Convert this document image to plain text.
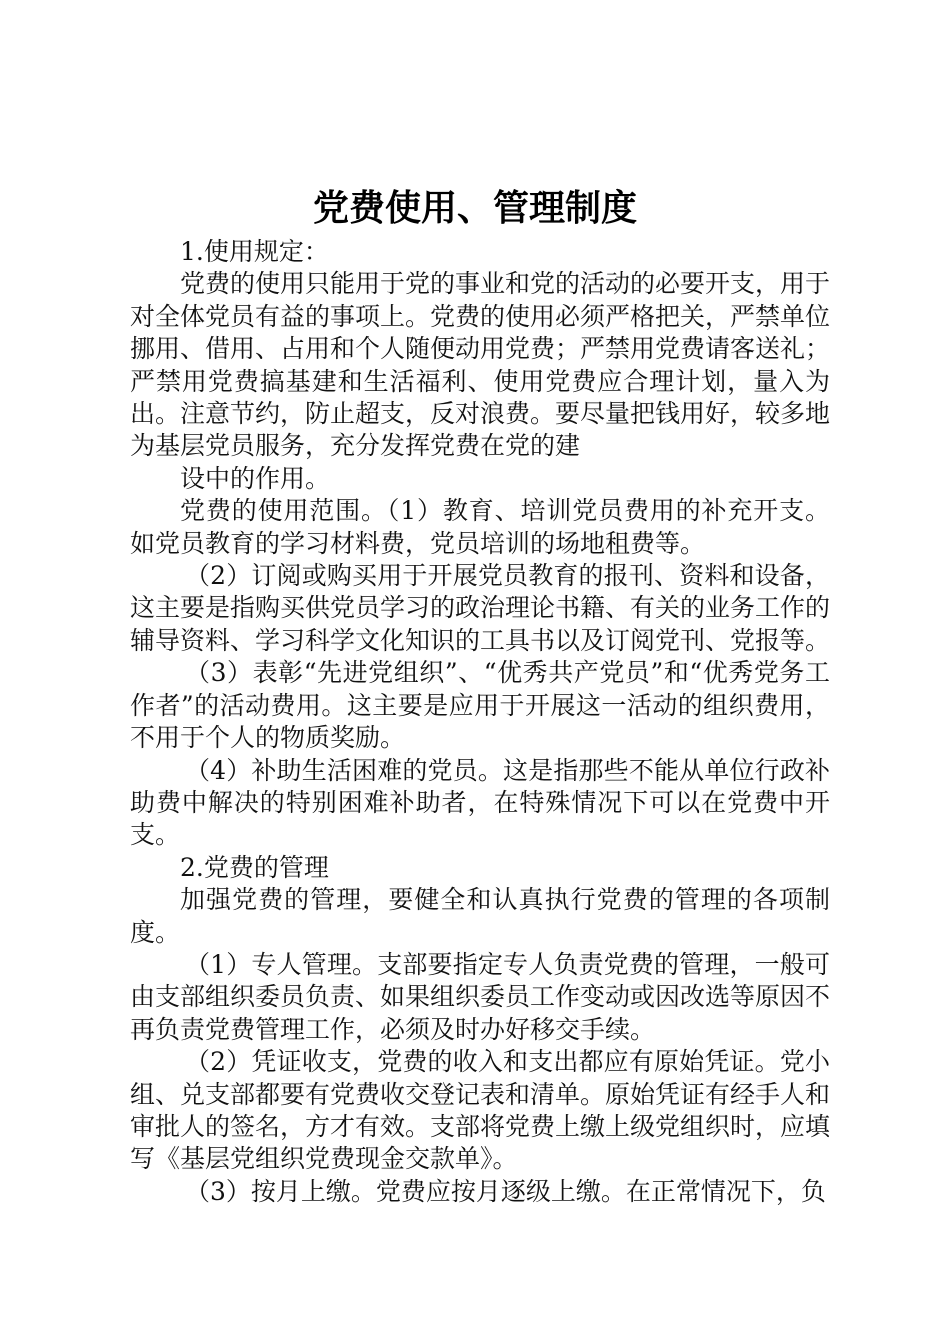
党费使用、管理制度

1.使用规定：

党费的使用只能用于党的事业和党的活动的必要开支，用于对全体党员有益的事项上。党费的使用必须严格把关，严禁单位挪用、借用、占用和个人随便动用党费；严禁用党费请客送礼；严禁用党费搞基建和生活福利、使用党费应合理计划，量入为出。注意节约，防止超支，反对浪费。要尽量把钱用好，较多地为基层党员服务，充分发挥党费在党的建

设中的作用。

党费的使用范围。（1）教育、培训党员费用的补充开支。如党员教育的学习材料费，党员培训的场地租费等。

（2）订阅或购买用于开展党员教育的报刊、资料和设备，这主要是指购买供党员学习的政治理论书籍、有关的业务工作的辅导资料、学习科学文化知识的工具书以及订阅党刊、党报等。

（3）表彰“先进党组织”、“优秀共产党员”和“优秀党务工作者”的活动费用。这主要是应用于开展这一活动的组织费用，不用于个人的物质奖励。

（4）补助生活困难的党员。这是指那些不能从单位行政补助费中解决的特别困难补助者，在特殊情况下可以在党费中开支。

2.党费的管理

加强党费的管理，要健全和认真执行党费的管理的各项制度。

（1）专人管理。支部要指定专人负责党费的管理，一般可由支部组织委员负责、如果组织委员工作变动或因改选等原因不再负责党费管理工作，必须及时办好移交手续。

（2）凭证收支，党费的收入和支出都应有原始凭证。党小组、兑支部都要有党费收交登记表和清单。原始凭证有经手人和审批人的签名，方才有效。支部将党费上缴上级党组织时，应填写《基层党组织党费现金交款单》。

（3）按月上缴。党费应按月逐级上缴。在正常情况下，负
